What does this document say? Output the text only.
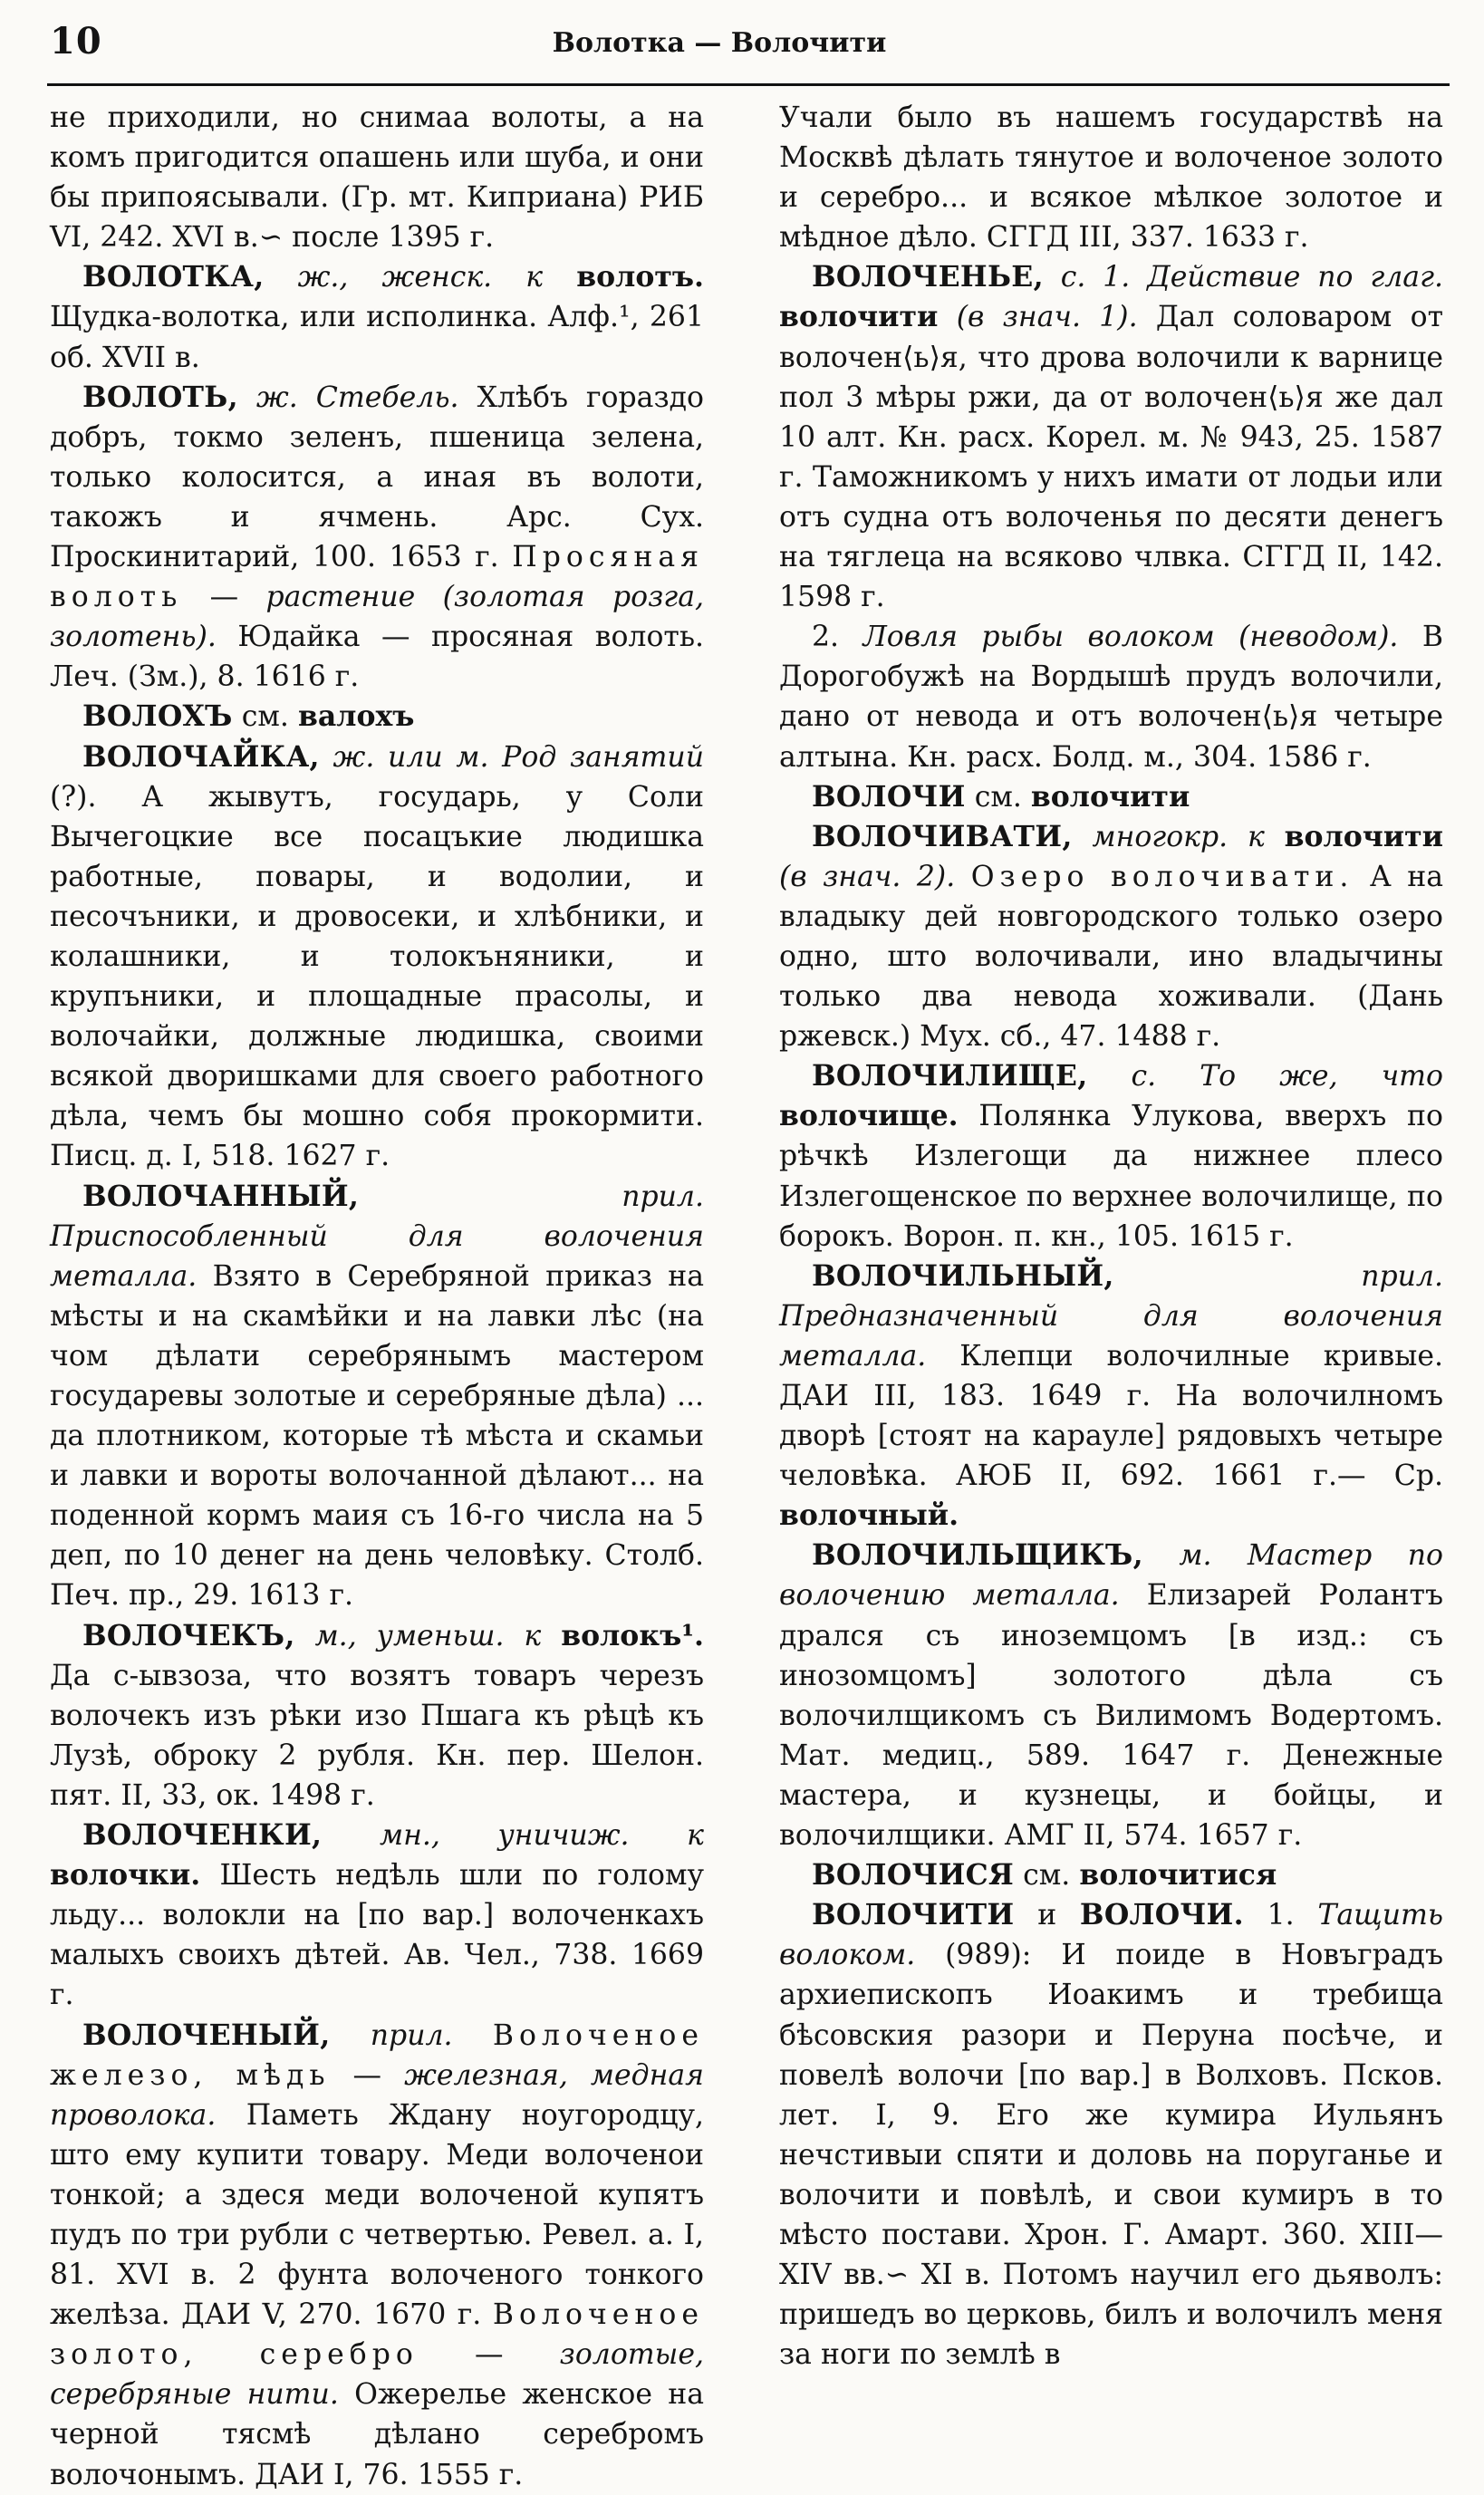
10	Волотка — Волочити

не приходили, но снимаа волоты, а на комъ пригодится опашень или шуба, и они бы припоясывали. (Гр. мт. Киприана) РИБ VI, 242. XVI в.∽ после 1395 г.

ВОЛОТКА, ж., женск. к волотъ. Щудка-волотка, или исполинка. Алф.¹, 261 об. XVII в.

ВОЛОТЬ, ж. Стебель. Хлѣбъ гораздо добръ, токмо зеленъ, пшеница зелена, только колосится, а иная въ волоти, такожъ и ячмень. Арс. Сух. Проскинитарий, 100. 1653 г. Просяная волоть — растение (золотая розга, золотень). Юдайка — просяная волоть. Леч. (Зм.), 8. 1616 г.

ВОЛОХЪ см. валохъ

ВОЛОЧАЙКА, ж. или м. Род занятий (?). А жывутъ, государь, у Соли Вычегоцкие все посацъкие людишка работные, повары, и водолии, и песочъники, и дровосеки, и хлѣбники, и колашники, и толокъняники, и крупъники, и площадные прасолы, и волочайки, должные людишка, своими всякой дворишками для своего работного дѣла, чемъ бы мошно собя прокормити. Писц. д. I, 518. 1627 г.

ВОЛОЧАННЫЙ,	прил. Приспособленный для волочения металла. Взято в Серебряной приказ на мѣсты и на скамѣйки и на лавки лѣс (на чом дѣлати серебрянымъ мастером государевы золотые и серебряные дѣла) ... да плотником, которые тѣ мѣста и скамьи и лавки и вороты волочанной дѣлают... на поденной кормъ маия съ 16-го числа на 5 деп, по 10 денег на день человѣку. Столб. Печ. пр., 29. 1613 г.

ВОЛОЧЕКЪ, м., уменьш. к волокъ¹. Да с-ывзоза, что возятъ товаръ черезъ волочекъ изъ рѣки изо Пшага къ рѣцѣ къ Лузѣ, оброку 2 рубля. Кн. пер. Шелон. пят. II, 33, ок. 1498 г.

ВОЛОЧЕНКИ, мн., уничиж. к волочки. Шесть недѣль шли по голому льду... волокли на [по вар.] волоченкахъ малыхъ своихъ дѣтей. Ав. Чел., 738. 1669 г.

ВОЛОЧЕНЫЙ, прил. Волоченое железо, мѣдь — железная, медная проволока. Паметь Ждану ноугородцу, што ему купити товару. Меди волоченои тонкой; а здеся меди волоченой купятъ пудъ по три рубли с четвертью. Ревел. а. I, 81. XVI в. 2 фунта волоченого тонкого желѣза. ДАИ V, 270. 1670 г. Волоченое золото, серебро — золотые, серебряные нити. Ожерелье женское на черной тясмѣ дѣлано серебромъ волочонымъ. ДАИ I, 76. 1555 г.

Учали было въ нашемъ государствѣ на Москвѣ дѣлать тянутое и волоченое золото и серебро... и всякое мѣлкое золотое и мѣдное дѣло. СГГД III, 337. 1633 г.

ВОЛОЧЕНЬЕ, с. 1. Действие по глаг. волочити (в знач. 1). Дал соловаром от волочен⟨ь⟩я, что дрова волочили к варнице пол 3 мѣры ржи, да от волочен⟨ь⟩я же дал 10 алт. Кн. расх. Корел. м. № 943, 25. 1587 г. Таможникомъ у нихъ имати от лодьи или отъ судна отъ волоченья по десяти денегъ на тяглеца на всяково члвка. СГГД II, 142. 1598 г.

2. Ловля рыбы волоком (неводом). В Дорогобужѣ на Вордышѣ прудъ волочили, дано от невода и отъ волочен⟨ь⟩я четыре алтына. Кн. расх. Болд. м., 304. 1586 г.

ВОЛОЧИ см. волочити

ВОЛОЧИВАТИ, многокр. к волочити (в знач. 2). Озеро волочивати. А на владыку дей новгородского только озеро одно, што волочивали, ино владычины только два невода хоживали. (Дань ржевск.) Мух. сб., 47. 1488 г.

ВОЛОЧИЛИЩЕ, с. То же, что волочище. Полянка Улукова, вверхъ по рѣчкѣ Излегощи да нижнее плесо Излегощенское по верхнее волочилище, по борокъ. Ворон. п. кн., 105. 1615 г.

ВОЛОЧИЛЬНЫЙ,	прил. Предназначенный для волочения металла. Клепци волочилные кривые. ДАИ III, 183. 1649 г. На волочилномъ дворѣ [стоят на карауле] рядовыхъ четыре человѣка. АЮБ II, 692. 1661 г.— Ср. волочный.

ВОЛОЧИЛЬЩИКЪ, м. Мастер по волочению металла. Елизарей Ролантъ дрался съ иноземцомъ [в изд.: съ инозомцомъ] золотого дѣла съ волочилщикомъ съ Вилимомъ Водертомъ. Мат. медиц., 589. 1647 г. Денежные мастера, и кузнецы, и бойцы, и волочилщики. АМГ II, 574. 1657 г.

ВОЛОЧИСЯ см. волочитися

ВОЛОЧИТИ и ВОЛОЧИ. 1. Тащить волоком. (989): И поиде в Новъградъ архиепископъ Иоакимъ и требища бѣсовския разори и Перуна посѣче, и повелѣ волочи [по вар.] в Волховъ. Псков. лет. I, 9. Его же кумира Иульянъ нечстивыи спяти и доловь на поруганье и волочити и повѣлѣ, и свои кумиръ в то мѣсто постави. Хрон. Г. Амарт. 360. XIII—XIV вв.∽ XI в. Потомъ научил его дьяволъ: пришедъ во церковь, билъ и волочилъ меня за ноги по землѣ в
